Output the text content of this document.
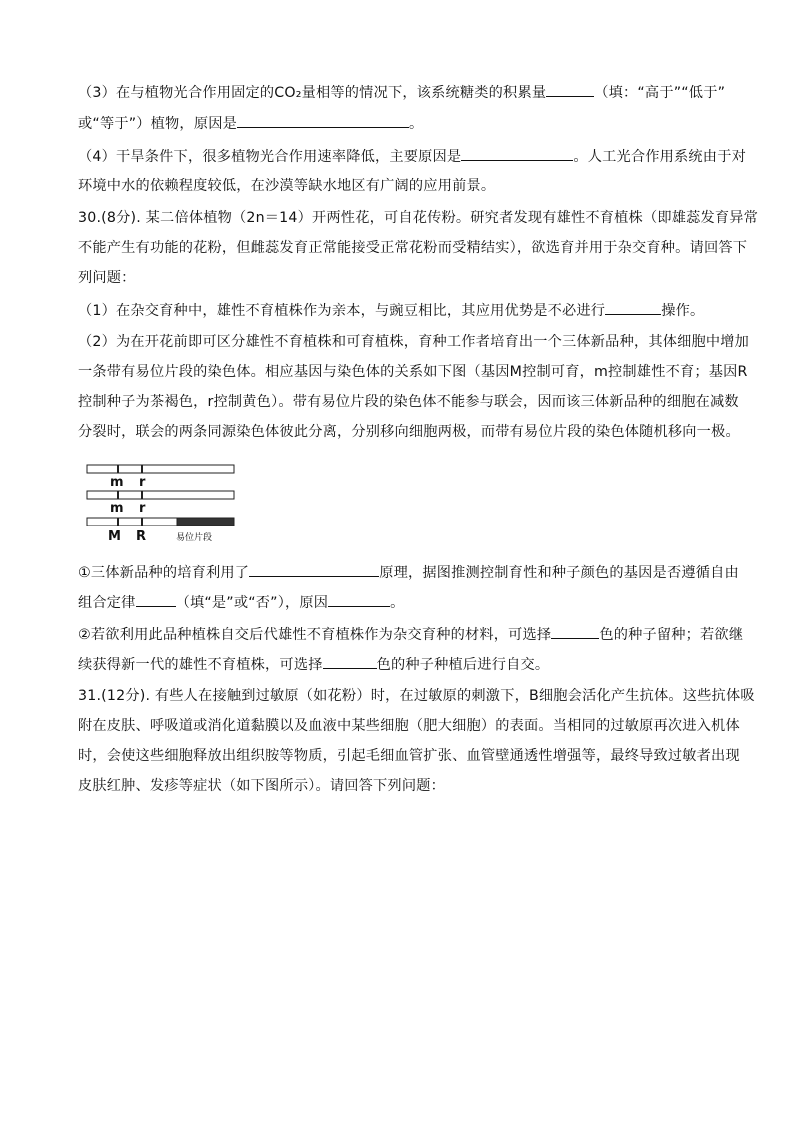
（3）在与植物光合作用固定的CO₂量相等的情况下，该系统糖类的积累量	（填：“高于”“低于”
或“等于”）植物，原因是	。
（4）干旱条件下，很多植物光合作用速率降低，主要原因是	。人工光合作用系统由于对
环境中水的依赖程度较低，在沙漠等缺水地区有广阔的应用前景。
30.(8分). 某二倍体植物（2n＝14）开两性花，可自花传粉。研究者发现有雄性不育植株（即雄蕊发育异常
不能产生有功能的花粉，但雌蕊发育正常能接受正常花粉而受精结实），欲选育并用于杂交育种。请回答下
列问题：
（1）在杂交育种中，雄性不育植株作为亲本，与豌豆相比，其应用优势是不必进行	操作。
（2）为在开花前即可区分雄性不育植株和可育植株，育种工作者培育出一个三体新品种，其体细胞中增加
一条带有易位片段的染色体。相应基因与染色体的关系如下图（基因M控制可育，m控制雄性不育；基因R
控制种子为茶褐色，r控制黄色）。带有易位片段的染色体不能参与联会，因而该三体新品种的细胞在减数
分裂时，联会的两条同源染色体彼此分离，分别移向细胞两极，而带有易位片段的染色体随机移向一极。
m r
m r
M R	易位片段
①三体新品种的培育利用了	原理，据图推测控制育性和种子颜色的基因是否遵循自由
组合定律	（填“是”或“否”），原因	。
②若欲利用此品种植株自交后代雄性不育植株作为杂交育种的材料，可选择	色的种子留种；若欲继
续获得新一代的雄性不育植株，可选择	色的种子种植后进行自交。
31.(12分). 有些人在接触到过敏原（如花粉）时，在过敏原的刺激下，B细胞会活化产生抗体。这些抗体吸
附在皮肤、呼吸道或消化道黏膜以及血液中某些细胞（肥大细胞）的表面。当相同的过敏原再次进入机体
时，会使这些细胞释放出组织胺等物质，引起毛细血管扩张、血管壁通透性增强等，最终导致过敏者出现
皮肤红肿、发疹等症状（如下图所示）。请回答下列问题：
